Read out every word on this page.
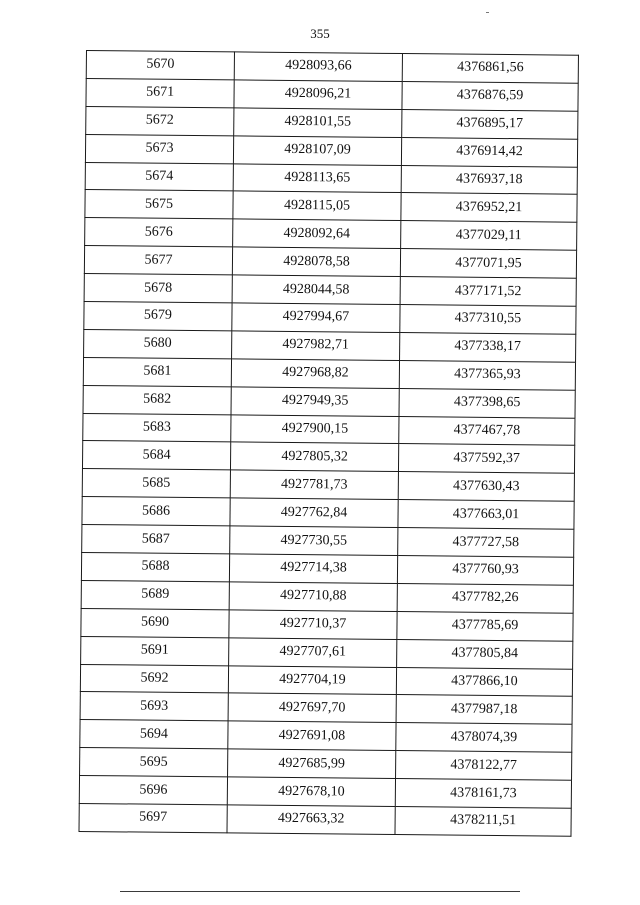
355
5670	4928093,66	4376861,56
5671	4928096,21	4376876,59
5672	4928101,55	4376895,17
5673	4928107,09	4376914,42
5674	4928113,65	4376937,18
5675	4928115,05	4376952,21
5676	4928092,64	4377029,11
5677	4928078,58	4377071,95
5678	4928044,58	4377171,52
5679	4927994,67	4377310,55
5680	4927982,71	4377338,17
5681	4927968,82	4377365,93
5682	4927949,35	4377398,65
5683	4927900,15	4377467,78
5684	4927805,32	4377592,37
5685	4927781,73	4377630,43
5686	4927762,84	4377663,01
5687	4927730,55	4377727,58
5688	4927714,38	4377760,93
5689	4927710,88	4377782,26
5690	4927710,37	4377785,69
5691	4927707,61	4377805,84
5692	4927704,19	4377866,10
5693	4927697,70	4377987,18
5694	4927691,08	4378074,39
5695	4927685,99	4378122,77
5696	4927678,10	4378161,73
5697	4927663,32	4378211,51
